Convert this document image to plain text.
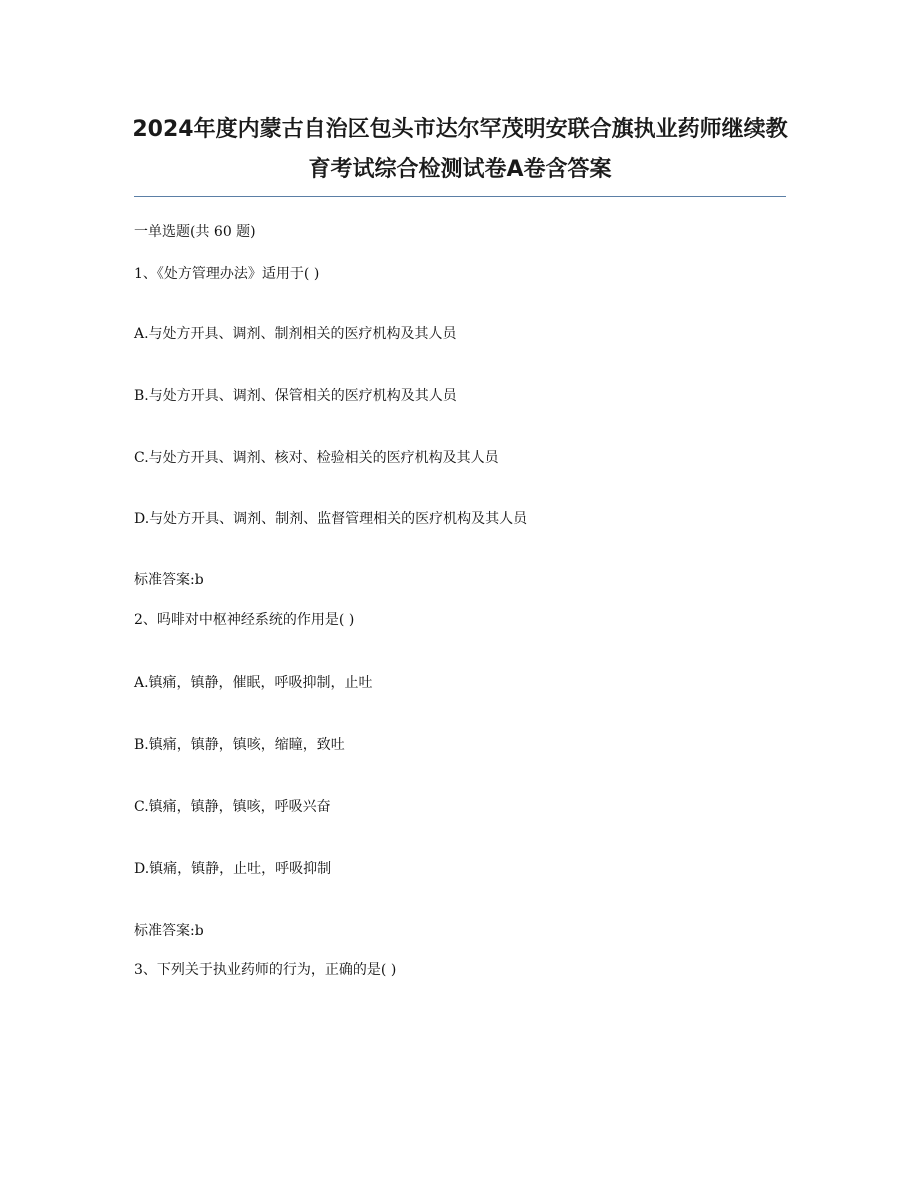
2024年度内蒙古自治区包头市达尔罕茂明安联合旗执业药师继续教育考试综合检测试卷A卷含答案
一单选题(共 60 题)
1、《处方管理办法》适用于( )
A.与处方开具、调剂、制剂相关的医疗机构及其人员
B.与处方开具、调剂、保管相关的医疗机构及其人员
C.与处方开具、调剂、核对、检验相关的医疗机构及其人员
D.与处方开具、调剂、制剂、监督管理相关的医疗机构及其人员
标准答案:b
2、吗啡对中枢神经系统的作用是( )
A.镇痛，镇静，催眠，呼吸抑制，止吐
B.镇痛，镇静，镇咳，缩瞳，致吐
C.镇痛，镇静，镇咳，呼吸兴奋
D.镇痛，镇静，止吐，呼吸抑制
标准答案:b
3、下列关于执业药师的行为，正确的是( )
